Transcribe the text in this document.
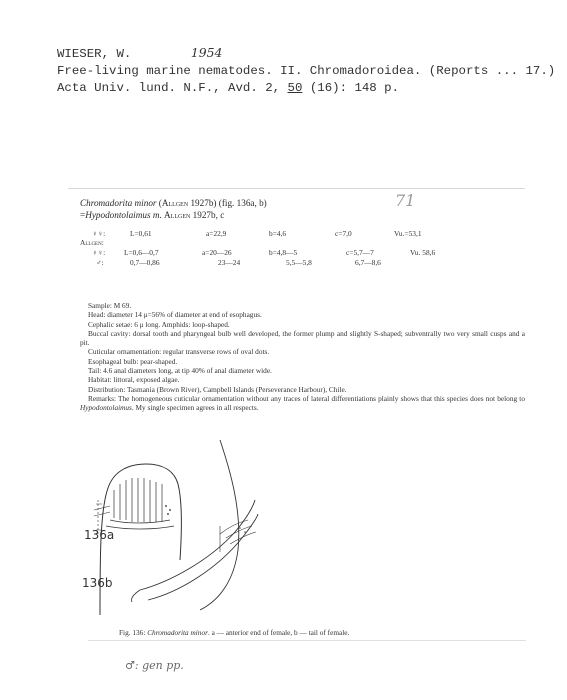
WIESER, W.	1954
Free-living marine nematodes. II. Chromadoroidea. (Reports ... 17.)
Acta Univ. lund. N.F., Avd. 2, 50 (16): 148 p.
71
Chromadorita minor (Allgen 1927b) (fig. 136a, b)
=Hypodontolaimus m. Allgen 1927b, c
♀♀:	L=0,61	a=22,9	b=4,6	c=7,0	Vu.=53,1
Allgen:
♀♀:	L=0,6—0,7	a=20—26	b=4,8—5	c=5,7—7	Vu. 58,6
♂:	0,7—0,86	23—24	5,5—5,8	6,7—8,6

Sample: M 69.

Head: diameter 14 μ=56% of diameter at end of esophagus.

Cephalic setae: 6 μ long. Amphids: loop-shaped.

Buccal cavity: dorsal tooth and pharyngeal bulb well developed, the former plump and slightly S-shaped; subventrally two very small cusps and a pit.

Cuticular ornamentation: regular transverse rows of oval dots.

Esophageal bulb: pear-shaped.

Tail: 4.6 anal diameters long, at tip 40% of anal diameter wide.

Habitat: littoral, exposed algae.

Distribution: Tasmania (Brown River), Campbell Islands (Perseverance Harbour), Chile.

Remarks: The homogeneous cuticular ornamentation without any traces of lateral differentiations plainly shows that this species does not belong to Hypodontolaimus. My single specimen agrees in all respects.

136a
136b
Fig. 136: Chromadorita minor. a — anterior end of female, b — tail of female.
♂: gen pp.
